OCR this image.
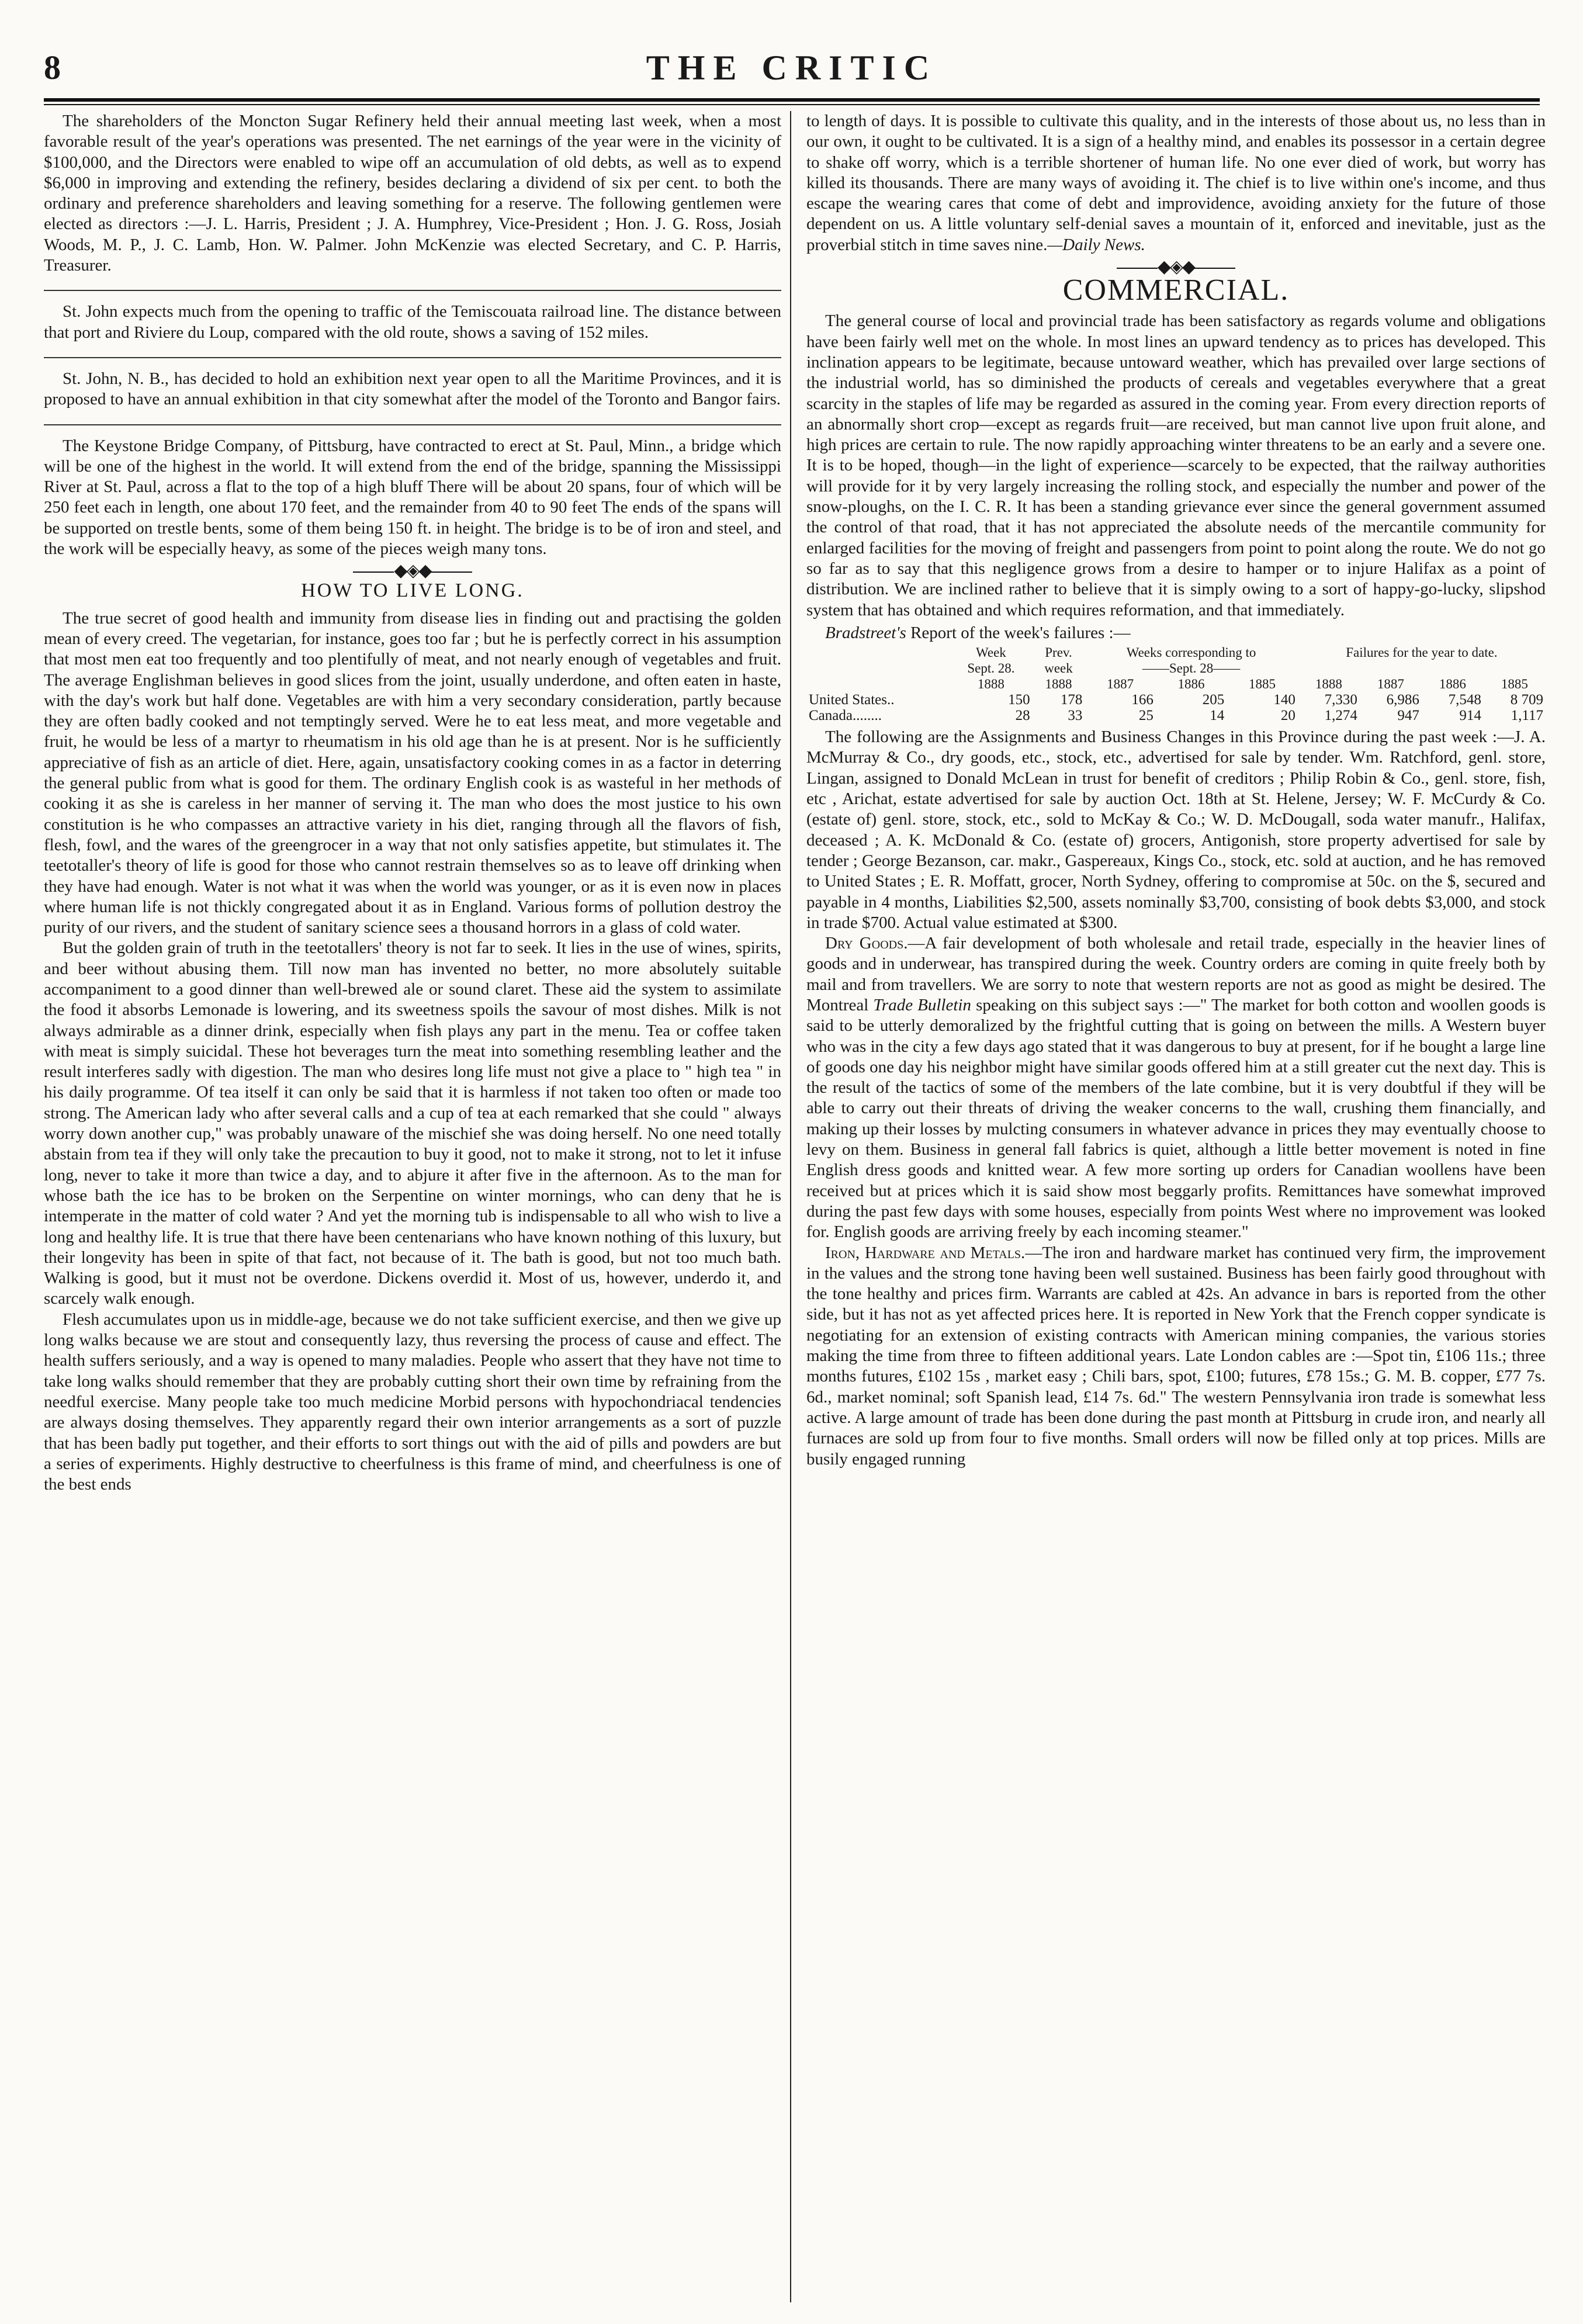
8	THE CRITIC

The shareholders of the Moncton Sugar Refinery held their annual meeting last week, when a most favorable result of the year's operations was presented. The net earnings of the year were in the vicinity of $100,000, and the Directors were enabled to wipe off an accumulation of old debts, as well as to expend $6,000 in improving and extending the refinery, besides declaring a dividend of six per cent. to both the ordinary and preference shareholders and leaving something for a reserve. The following gentlemen were elected as directors :—J. L. Harris, President ; J. A. Humphrey, Vice-President ; Hon. J. G. Ross, Josiah Woods, M. P., J. C. Lamb, Hon. W. Palmer. John McKenzie was elected Secretary, and C. P. Harris, Treasurer.

St. John expects much from the opening to traffic of the Temiscouata railroad line. The distance between that port and Riviere du Loup, compared with the old route, shows a saving of 152 miles.

St. John, N. B., has decided to hold an exhibition next year open to all the Maritime Provinces, and it is proposed to have an annual exhibition in that city somewhat after the model of the Toronto and Bangor fairs.

The Keystone Bridge Company, of Pittsburg, have contracted to erect at St. Paul, Minn., a bridge which will be one of the highest in the world. It will extend from the end of the bridge, spanning the Mississippi River at St. Paul, across a flat to the top of a high bluff There will be about 20 spans, four of which will be 250 feet each in length, one about 170 feet, and the remainder from 40 to 90 feet The ends of the spans will be supported on trestle bents, some of them being 150 ft. in height. The bridge is to be of iron and steel, and the work will be especially heavy, as some of the pieces weigh many tons.

◆◈◆
HOW TO LIVE LONG.

The true secret of good health and immunity from disease lies in finding out and practising the golden mean of every creed. The vegetarian, for instance, goes too far ; but he is perfectly correct in his assumption that most men eat too frequently and too plentifully of meat, and not nearly enough of vegetables and fruit. The average Englishman believes in good slices from the joint, usually underdone, and often eaten in haste, with the day's work but half done. Vegetables are with him a very secondary consideration, partly because they are often badly cooked and not temptingly served. Were he to eat less meat, and more vegetable and fruit, he would be less of a martyr to rheumatism in his old age than he is at present. Nor is he sufficiently appreciative of fish as an article of diet. Here, again, unsatisfactory cooking comes in as a factor in deterring the general public from what is good for them. The ordinary English cook is as wasteful in her methods of cooking it as she is careless in her manner of serving it. The man who does the most justice to his own constitution is he who compasses an attractive variety in his diet, ranging through all the flavors of fish, flesh, fowl, and the wares of the greengrocer in a way that not only satisfies appetite, but stimulates it. The teetotaller's theory of life is good for those who cannot restrain themselves so as to leave off drinking when they have had enough. Water is not what it was when the world was younger, or as it is even now in places where human life is not thickly congregated about it as in England. Various forms of pollution destroy the purity of our rivers, and the student of sanitary science sees a thousand horrors in a glass of cold water.

But the golden grain of truth in the teetotallers' theory is not far to seek. It lies in the use of wines, spirits, and beer without abusing them. Till now man has invented no better, no more absolutely suitable accompaniment to a good dinner than well-brewed ale or sound claret. These aid the system to assimilate the food it absorbs Lemonade is lowering, and its sweetness spoils the savour of most dishes. Milk is not always admirable as a dinner drink, especially when fish plays any part in the menu. Tea or coffee taken with meat is simply suicidal. These hot beverages turn the meat into something resembling leather and the result interferes sadly with digestion. The man who desires long life must not give a place to " high tea " in his daily programme. Of tea itself it can only be said that it is harmless if not taken too often or made too strong. The American lady who after several calls and a cup of tea at each remarked that she could " always worry down another cup," was probably unaware of the mischief she was doing herself. No one need totally abstain from tea if they will only take the precaution to buy it good, not to make it strong, not to let it infuse long, never to take it more than twice a day, and to abjure it after five in the afternoon. As to the man for whose bath the ice has to be broken on the Serpentine on winter mornings, who can deny that he is intemperate in the matter of cold water ? And yet the morning tub is indispensable to all who wish to live a long and healthy life. It is true that there have been centenarians who have known nothing of this luxury, but their longevity has been in spite of that fact, not because of it. The bath is good, but not too much bath. Walking is good, but it must not be overdone. Dickens overdid it. Most of us, however, underdo it, and scarcely walk enough.

Flesh accumulates upon us in middle-age, because we do not take sufficient exercise, and then we give up long walks because we are stout and consequently lazy, thus reversing the process of cause and effect. The health suffers seriously, and a way is opened to many maladies. People who assert that they have not time to take long walks should remember that they are probably cutting short their own time by refraining from the needful exercise. Many people take too much medicine Morbid persons with hypochondriacal tendencies are always dosing themselves. They apparently regard their own interior arrangements as a sort of puzzle that has been badly put together, and their efforts to sort things out with the aid of pills and powders are but a series of experiments. Highly destructive to cheerfulness is this frame of mind, and cheerfulness is one of the best ends

to length of days. It is possible to cultivate this quality, and in the interests of those about us, no less than in our own, it ought to be cultivated. It is a sign of a healthy mind, and enables its possessor in a certain degree to shake off worry, which is a terrible shortener of human life. No one ever died of work, but worry has killed its thousands. There are many ways of avoiding it. The chief is to live within one's income, and thus escape the wearing cares that come of debt and improvidence, avoiding anxiety for the future of those dependent on us. A little voluntary self-denial saves a mountain of it, enforced and inevitable, just as the proverbial stitch in time saves nine.—Daily News.

◆◈◆
COMMERCIAL.

The general course of local and provincial trade has been satisfactory as regards volume and obligations have been fairly well met on the whole. In most lines an upward tendency as to prices has developed. This inclination appears to be legitimate, because untoward weather, which has prevailed over large sections of the industrial world, has so diminished the products of cereals and vegetables everywhere that a great scarcity in the staples of life may be regarded as assured in the coming year. From every direction reports of an abnormally short crop—except as regards fruit—are received, but man cannot live upon fruit alone, and high prices are certain to rule. The now rapidly approaching winter threatens to be an early and a severe one. It is to be hoped, though—in the light of experience—scarcely to be expected, that the railway authorities will provide for it by very largely increasing the rolling stock, and especially the number and power of the snow-ploughs, on the I. C. R. It has been a standing grievance ever since the general government assumed the control of that road, that it has not appreciated the absolute needs of the mercantile community for enlarged facilities for the moving of freight and passengers from point to point along the route. We do not go so far as to say that this negligence grows from a desire to hamper or to injure Halifax as a point of distribution. We are inclined rather to believe that it is simply owing to a sort of happy-go-lucky, slipshod system that has obtained and which requires reformation, and that immediately.

Bradstreet's Report of the week's failures :—

	Week	Prev.	Weeks corresponding to			Failures for the year to date.			
	Sept. 28.	week	——Sept. 28——						
	1888	1888	1887	1886	1885	1888	1887	1886	1885
United States..	150	178	166	205	140	7,330	6,986	7,548	8 709
Canada........	28	33	25	14	20	1,274	947	914	1,117

The following are the Assignments and Business Changes in this Province during the past week :—J. A. McMurray & Co., dry goods, etc., stock, etc., advertised for sale by tender. Wm. Ratchford, genl. store, Lingan, assigned to Donald McLean in trust for benefit of creditors ; Philip Robin & Co., genl. store, fish, etc , Arichat, estate advertised for sale by auction Oct. 18th at St. Helene, Jersey; W. F. McCurdy & Co. (estate of) genl. store, stock, etc., sold to McKay & Co.; W. D. McDougall, soda water manufr., Halifax, deceased ; A. K. McDonald & Co. (estate of) grocers, Antigonish, store property advertised for sale by tender ; George Bezanson, car. makr., Gaspereaux, Kings Co., stock, etc. sold at auction, and he has removed to United States ; E. R. Moffatt, grocer, North Sydney, offering to compromise at 50c. on the $, secured and payable in 4 months, Liabilities $2,500, assets nominally $3,700, consisting of book debts $3,000, and stock in trade $700. Actual value estimated at $300.

Dry Goods.—A fair development of both wholesale and retail trade, especially in the heavier lines of goods and in underwear, has transpired during the week. Country orders are coming in quite freely both by mail and from travellers. We are sorry to note that western reports are not as good as might be desired. The Montreal Trade Bulletin speaking on this subject says :—" The market for both cotton and woollen goods is said to be utterly demoralized by the frightful cutting that is going on between the mills. A Western buyer who was in the city a few days ago stated that it was dangerous to buy at present, for if he bought a large line of goods one day his neighbor might have similar goods offered him at a still greater cut the next day. This is the result of the tactics of some of the members of the late combine, but it is very doubtful if they will be able to carry out their threats of driving the weaker concerns to the wall, crushing them financially, and making up their losses by mulcting consumers in whatever advance in prices they may eventually choose to levy on them. Business in general fall fabrics is quiet, although a little better movement is noted in fine English dress goods and knitted wear. A few more sorting up orders for Canadian woollens have been received but at prices which it is said show most beggarly profits. Remittances have somewhat improved during the past few days with some houses, especially from points West where no improvement was looked for. English goods are arriving freely by each incoming steamer."

Iron, Hardware and Metals.—The iron and hardware market has continued very firm, the improvement in the values and the strong tone having been well sustained. Business has been fairly good throughout with the tone healthy and prices firm. Warrants are cabled at 42s. An advance in bars is reported from the other side, but it has not as yet affected prices here. It is reported in New York that the French copper syndicate is negotiating for an extension of existing contracts with American mining companies, the various stories making the time from three to fifteen additional years. Late London cables are :—Spot tin, £106 11s.; three months futures, £102 15s , market easy ; Chili bars, spot, £100; futures, £78 15s.; G. M. B. copper, £77 7s. 6d., market nominal; soft Spanish lead, £14 7s. 6d." The western Pennsylvania iron trade is somewhat less active. A large amount of trade has been done during the past month at Pittsburg in crude iron, and nearly all furnaces are sold up from four to five months. Small orders will now be filled only at top prices. Mills are busily engaged running
